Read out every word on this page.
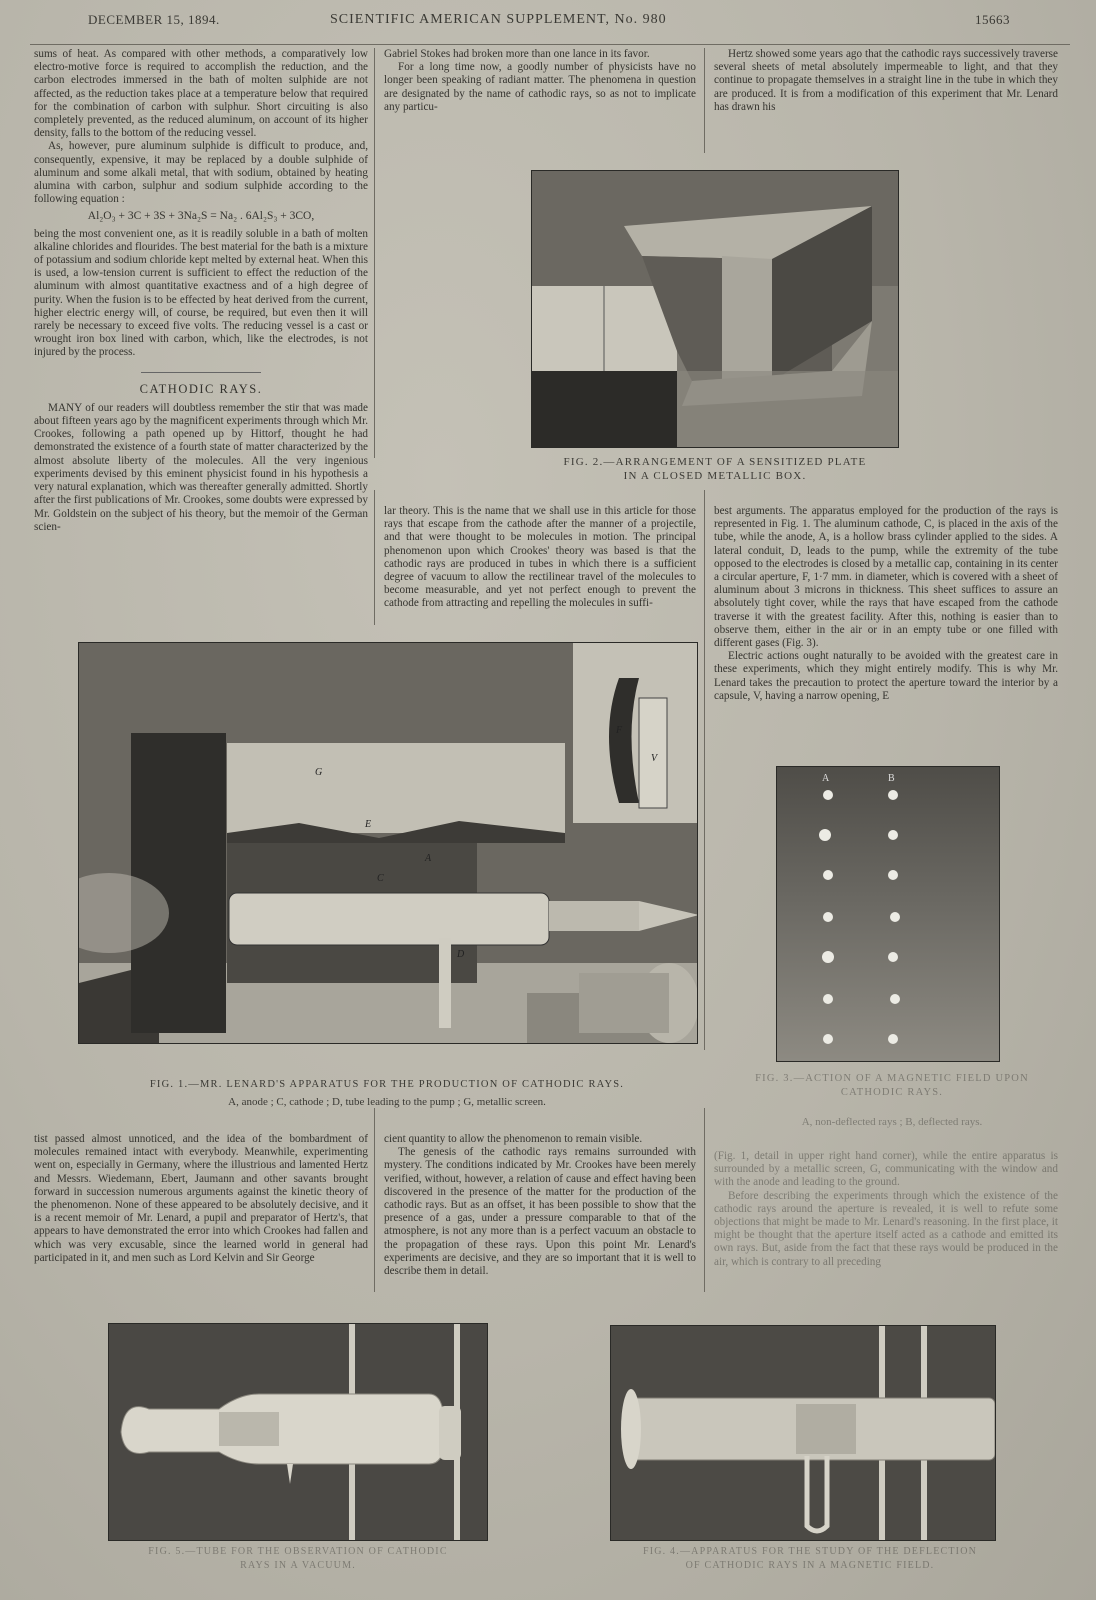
DECEMBER 15, 1894.	SCIENTIFIC AMERICAN SUPPLEMENT, No. 980	15663

sums of heat. As compared with other methods, a comparatively low electro-motive force is required to accomplish the reduction, and the carbon electrodes immersed in the bath of molten sulphide are not affected, as the reduction takes place at a temperature below that required for the combination of carbon with sulphur. Short circuiting is also completely prevented, as the reduced aluminum, on account of its higher density, falls to the bottom of the reducing vessel.

As, however, pure aluminum sulphide is difficult to produce, and, consequently, expensive, it may be replaced by a double sulphide of aluminum and some alkali metal, that with sodium, obtained by heating alumina with carbon, sulphur and sodium sulphide according to the following equation :

Al₂O₃ + 3C + 3S + 3Na₂S = Na₂ . 6Al₂S₃ + 3CO,

being the most convenient one, as it is readily soluble in a bath of molten alkaline chlorides and flourides. The best material for the bath is a mixture of potassium and sodium chloride kept melted by external heat. When this is used, a low-tension current is sufficient to effect the reduction of the aluminum with almost quantitative exactness and of a high degree of purity. When the fusion is to be effected by heat derived from the current, higher electric energy will, of course, be required, but even then it will rarely be necessary to exceed five volts. The reducing vessel is a cast or wrought iron box lined with carbon, which, like the electrodes, is not injured by the process.

CATHODIC RAYS.

MANY of our readers will doubtless remember the stir that was made about fifteen years ago by the magnificent experiments through which Mr. Crookes, following a path opened up by Hittorf, thought he had demonstrated the existence of a fourth state of matter characterized by the almost absolute liberty of the molecules. All the very ingenious experiments devised by this eminent physicist found in his hypothesis a very natural explanation, which was thereafter generally admitted. Shortly after the first publications of Mr. Crookes, some doubts were expressed by Mr. Goldstein on the subject of his theory, but the memoir of the German scien-

Gabriel Stokes had broken more than one lance in its favor.

For a long time now, a goodly number of physicists have no longer been speaking of radiant matter. The phenomena in question are designated by the name of cathodic rays, so as not to implicate any particu-

Hertz showed some years ago that the cathodic rays successively traverse several sheets of metal absolutely impermeable to light, and that they continue to propagate themselves in a straight line in the tube in which they are produced. It is from a modification of this experiment that Mr. Lenard has drawn his

FIG. 2.—ARRANGEMENT OF A SENSITIZED PLATE
IN A CLOSED METALLIC BOX.

lar theory. This is the name that we shall use in this article for those rays that escape from the cathode after the manner of a projectile, and that were thought to be molecules in motion. The principal phenomenon upon which Crookes' theory was based is that the cathodic rays are produced in tubes in which there is a sufficient degree of vacuum to allow the rectilinear travel of the molecules to become measurable, and yet not perfect enough to prevent the cathode from attracting and repelling the molecules in suffi-

best arguments. The apparatus employed for the production of the rays is represented in Fig. 1. The aluminum cathode, C, is placed in the axis of the tube, while the anode, A, is a hollow brass cylinder applied to the sides. A lateral conduit, D, leads to the pump, while the extremity of the tube opposed to the electrodes is closed by a metallic cap, containing in its center a circular aperture, F, 1·7 mm. in diameter, which is covered with a sheet of aluminum about 3 microns in thickness. This sheet suffices to assure an absolutely tight cover, while the rays that have escaped from the cathode traverse it with the greatest facility. After this, nothing is easier than to observe them, either in the air or in an empty tube or one filled with different gases (Fig. 3).

Electric actions ought naturally to be avoided with the greatest care in these experiments, which they might entirely modify. This is why Mr. Lenard takes the precaution to protect the aperture toward the interior by a capsule, V, having a narrow opening, E

G
E
A
C
D
F
V
FIG. 1.—MR. LENARD'S APPARATUS FOR THE PRODUCTION OF CATHODIC RAYS.
A, anode ; C, cathode ; D, tube leading to the pump ; G, metallic screen.
A	B
FIG. 3.—ACTION OF A MAGNETIC FIELD UPON
CATHODIC RAYS.
A, non-deflected rays ; B, deflected rays.

tist passed almost unnoticed, and the idea of the bombardment of molecules remained intact with everybody. Meanwhile, experimenting went on, especially in Germany, where the illustrious and lamented Hertz and Messrs. Wiedemann, Ebert, Jaumann and other savants brought forward in succession numerous arguments against the kinetic theory of the phenomenon. None of these appeared to be absolutely decisive, and it is a recent memoir of Mr. Lenard, a pupil and preparator of Hertz's, that appears to have demonstrated the error into which Crookes had fallen and which was very excusable, since the learned world in general had participated in it, and men such as Lord Kelvin and Sir George

cient quantity to allow the phenomenon to remain visible.

The genesis of the cathodic rays remains surrounded with mystery. The conditions indicated by Mr. Crookes have been merely verified, without, however, a relation of cause and effect having been discovered in the presence of the matter for the production of the cathodic rays. But as an offset, it has been possible to show that the presence of a gas, under a pressure comparable to that of the atmosphere, is not any more than is a perfect vacuum an obstacle to the propagation of these rays. Upon this point Mr. Lenard's experiments are decisive, and they are so important that it is well to describe them in detail.

(Fig. 1, detail in upper right hand corner), while the entire apparatus is surrounded by a metallic screen, G, communicating with the window and with the anode and leading to the ground.

Before describing the experiments through which the existence of the cathodic rays around the aperture is revealed, it is well to refute some objections that might be made to Mr. Lenard's reasoning. In the first place, it might be thought that the aperture itself acted as a cathode and emitted its own rays. But, aside from the fact that these rays would be produced in the air, which is contrary to all preceding

FIG. 5.—TUBE FOR THE OBSERVATION OF CATHODIC
RAYS IN A VACUUM.
FIG. 4.—APPARATUS FOR THE STUDY OF THE DEFLECTION
OF CATHODIC RAYS IN A MAGNETIC FIELD.
